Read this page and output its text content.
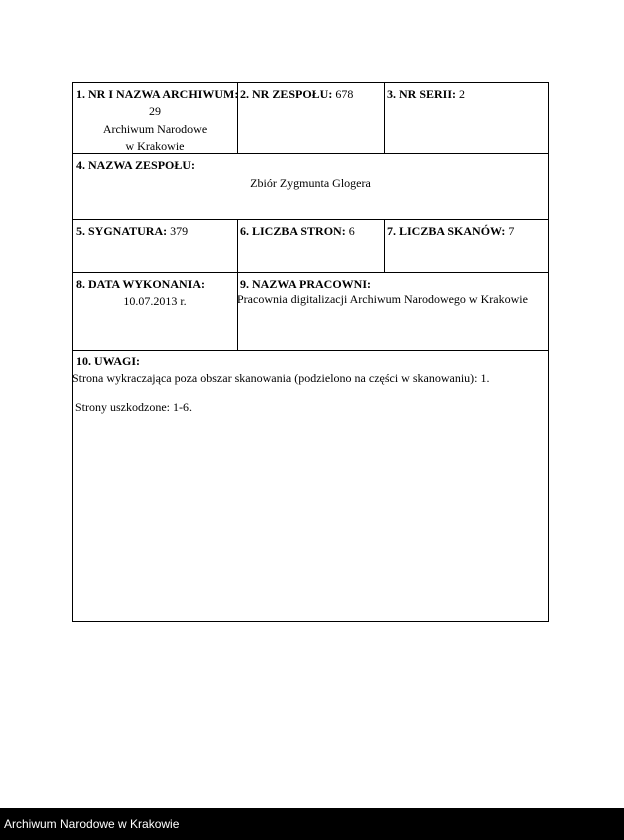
1. NR I NAZWA ARCHIWUM:
29
Archiwum Narodowe
w Krakowie
2. NR ZESPOŁU: 678	3. NR SERII: 2
4. NAZWA ZESPOŁU:
Zbiór Zygmunta Glogera
5. SYGNATURA: 379	6. LICZBA STRON: 6	7. LICZBA SKANÓW: 7
8. DATA WYKONANIA:
10.07.2013 r.
9. NAZWA PRACOWNI:
Pracownia digitalizacji Archiwum Narodowego w Krakowie
10. UWAGI:
Strona wykraczająca poza obszar skanowania (podzielono na części w skanowaniu): 1.
Strony uszkodzone: 1-6.
Archiwum Narodowe w Krakowie
